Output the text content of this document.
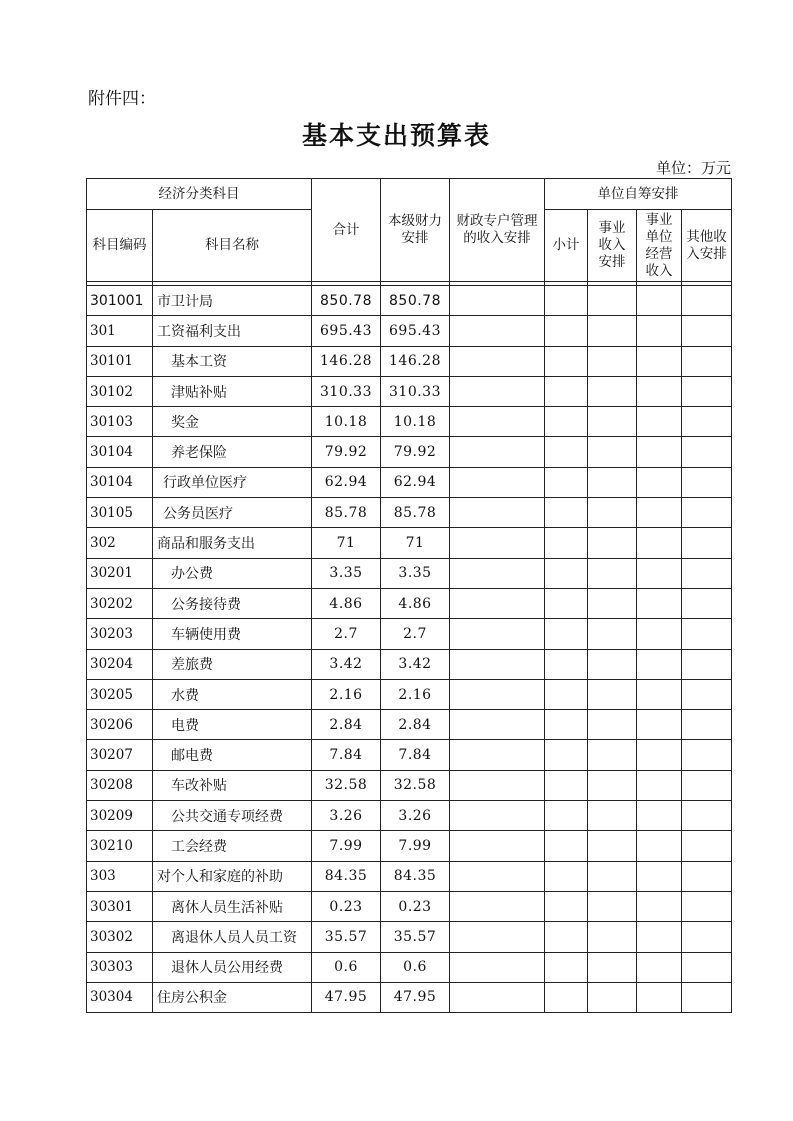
附件四：
基本支出预算表
单位：万元
经济分类科目		合计	本级财力安排	财政专户管理的收入安排	单位自筹安排			
科目编码	科目名称				小计	事业收入安排	事业单位经营收入	其他收入安排

301001	市卫计局	850.78	850.78					
301	工资福利支出	695.43	695.43					
30101	基本工资	146.28	146.28					
30102	津贴补贴	310.33	310.33					
30103	奖金	10.18	10.18					
30104	养老保险	79.92	79.92					
30104	行政单位医疗	62.94	62.94					
30105	公务员医疗	85.78	85.78					
302	商品和服务支出	71	71					
30201	办公费	3.35	3.35					
30202	公务接待费	4.86	4.86					
30203	车辆使用费	2.7	2.7					
30204	差旅费	3.42	3.42					
30205	水费	2.16	2.16					
30206	电费	2.84	2.84					
30207	邮电费	7.84	7.84					
30208	车改补贴	32.58	32.58					
30209	公共交通专项经费	3.26	3.26					
30210	工会经费	7.99	7.99					
303	对个人和家庭的补助	84.35	84.35					
30301	离休人员生活补贴	0.23	0.23					
30302	离退休人员人员工资	35.57	35.57					
30303	退休人员公用经费	0.6	0.6					
30304	住房公积金	47.95	47.95					
